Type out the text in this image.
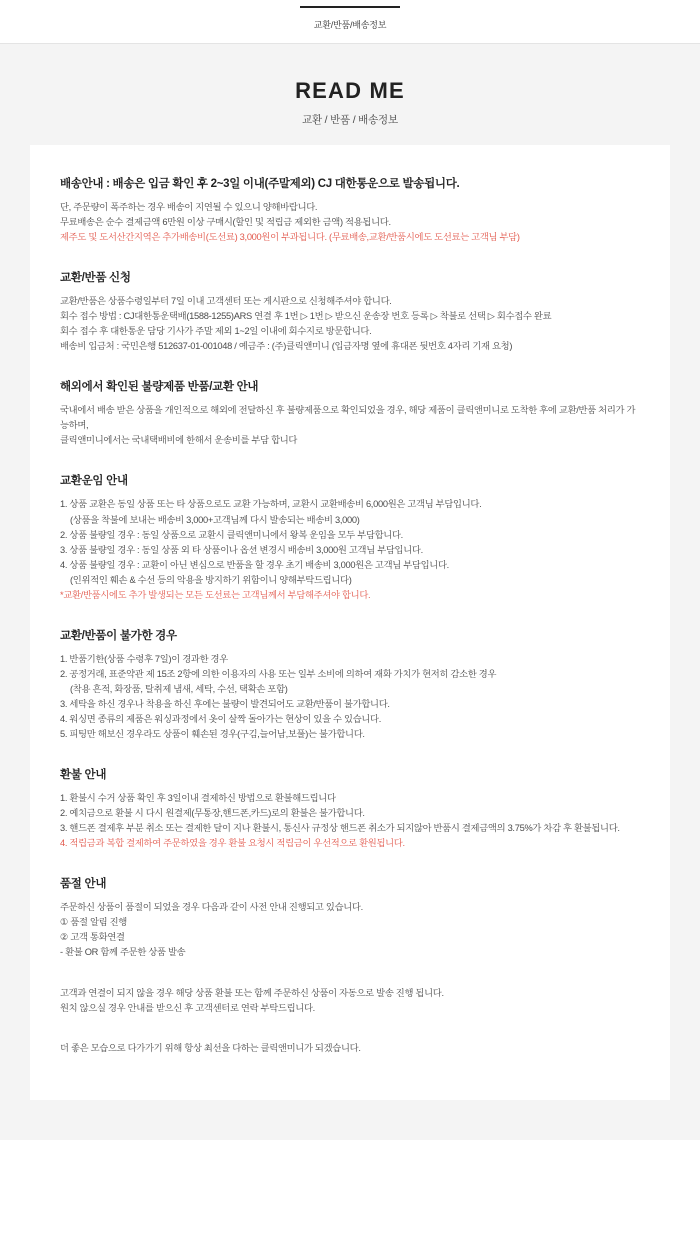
교환/반품/배송정보
READ ME
교환 / 반품 / 배송정보
배송안내 : 배송은 입금 확인 후 2~3일 이내(주말제외) CJ 대한통운으로 발송됩니다.

단, 주문량이 폭주하는 경우 배송이 지연될 수 있으니 양해바랍니다.

무료배송은 순수 결제금액 6만원 이상 구매시(할인 및 적립금 제외한 금액) 적용됩니다.

제주도 및 도서산간지역은 추가배송비(도선료) 3,000원이 부과됩니다. (무료배송,교환/반품시에도 도선료는 고객님 부담)

교환/반품 신청

교환/반품은 상품수령일부터 7일 이내 고객센터 또는 게시판으로 신청해주셔야 합니다.

회수 접수 방법 : CJ대한통운택배(1588-1255)ARS 연결 후 1번 ▷ 1번 ▷ 받으신 운송장 번호 등록 ▷ 착불로 선택 ▷ 회수접수 완료

회수 접수 후 대한통운 담당 기사가 주말 제외 1~2일 이내에 회수지로 방문합니다.

배송비 입금처 : 국민은행 512637-01-001048 / 예금주 : (주)클릭앤미니 (입금자명 옆에 휴대폰 뒷번호 4자리 기재 요청)

해외에서 확인된 불량제품 반품/교환 안내

국내에서 배송 받은 상품을 개인적으로 해외에 전달하신 후 불량제품으로 확인되었을 경우, 해당 제품이 클릭앤미니로 도착한 후에 교환/반품 처리가 가능하며,

클릭앤미니에서는 국내택배비에 한해서 운송비를 부담 합니다

교환운임 안내

1. 상품 교환은 동일 상품 또는 타 상품으로도 교환 가능하며, 교환시 교환배송비 6,000원은 고객님 부담입니다.

(상품을 착불에 보내는 배송비 3,000+고객님께 다시 발송되는 배송비 3,000)

2. 상품 불량일 경우 : 동일 상품으로 교환시 클릭앤미니에서 왕복 운임을 모두 부담합니다.

3. 상품 불량일 경우 : 동일 상품 외 타 상품이나 옵션 변경시 배송비 3,000원 고객님 부담입니다.

4. 상품 불량일 경우 : 교환이 아닌 변심으로 반품을 할 경우 초기 배송비 3,000원은 고객님 부담입니다.

(인위적인 훼손 & 수선 등의 악용을 방지하기 위함이니 양해부탁드립니다)

*교환/반품시에도 추가 발생되는 모든 도선료는 고객님께서 부담해주셔야 합니다.

교환/반품이 불가한 경우

1. 반품기한(상품 수령후 7일)이 경과한 경우

2. 공정거래, 표준약관 제 15조 2항에 의한 이용자의 사용 또는 일부 소비에 의하여 재화 가치가 현저히 감소한 경우

(착용 흔적, 화장품, 탈취제 냄새, 세탁, 수선, 택확손 포함)

3. 세탁을 하신 경우나 착용을 하신 후에는 불량이 발견되어도 교환/반품이 불가합니다.

4. 워싱면 종류의 제품은 워싱과정에서 옷이 살짝 돌아가는 현상이 있을 수 있습니다.

5. 피팅만 해보신 경우라도 상품이 훼손된 경우(구김,늘어남,보풀)는 불가합니다.

환불 안내

1. 환불시 수거 상품 확인 후 3일이내 결제하신 방법으로 환불해드립니다

2. 예치금으로 환불 시 다시 원결제(무통장,핸드폰,카드)로의 환불은 불가합니다.

3. 핸드폰 결제후 부분 취소 또는 결제한 달이 지나 환불시, 통신사 규정상 핸드폰 취소가 되지않아 반품시 결제금액의 3.75%가 차감 후 환불됩니다.

4. 적립금과 복합 결제하여 주문하였을 경우 환불 요청시 적립금이 우선적으로 환원됩니다.

품절 안내

주문하신 상품이 품절이 되었을 경우 다음과 같이 사전 안내 진행되고 있습니다.

① 품절 알림 진행

② 고객 통화연결

- 환불 OR 함께 주문한 상품 발송

고객과 연결이 되지 않을 경우 해당 상품 환불 또는 함께 주문하신 상품이 자동으로 발송 진행 됩니다.

원치 않으실 경우 안내를 받으신 후 고객센터로 연락 부탁드립니다.

더 좋은 모습으로 다가가기 위해 항상 최선을 다하는 클릭앤미니가 되겠습니다.
